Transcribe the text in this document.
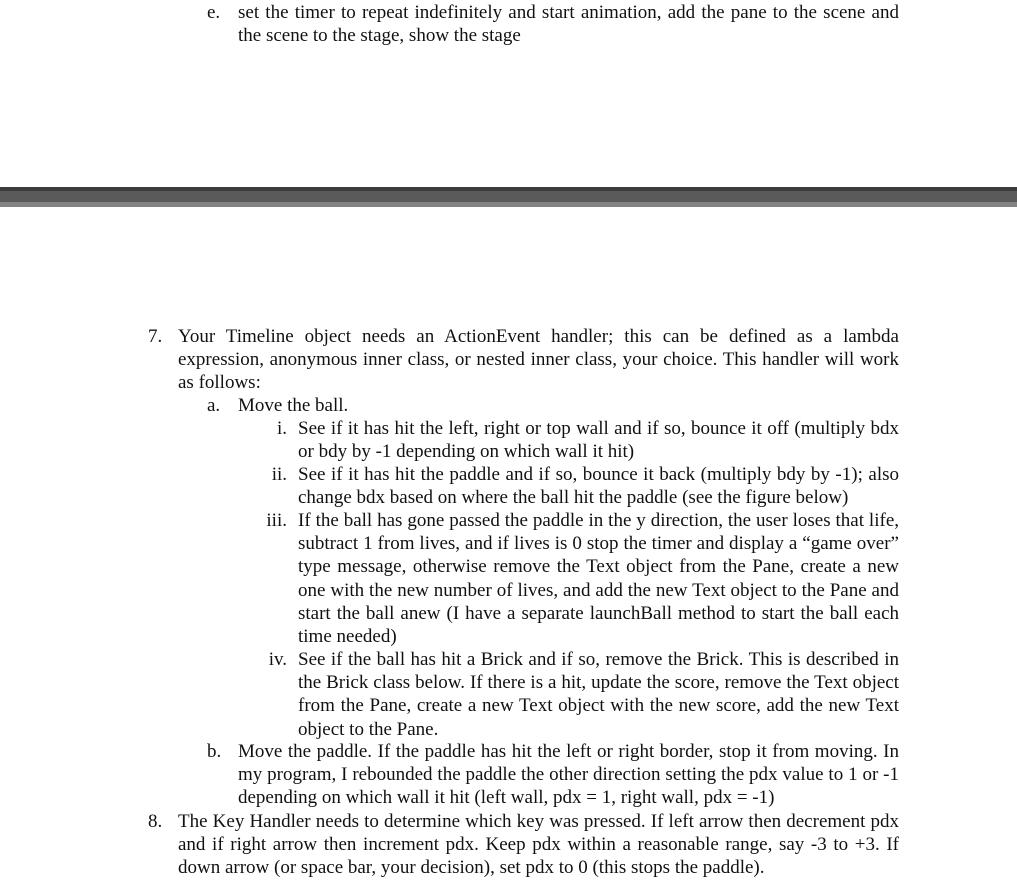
e. set the timer to repeat indefinitely and start animation, add the pane to the scene and the scene to the stage, show the stage
7. Your Timeline object needs an ActionEvent handler; this can be defined as a lambda expression, anonymous inner class, or nested inner class, your choice. This handler will work as follows:
a. Move the ball.
i. See if it has hit the left, right or top wall and if so, bounce it off (multiply bdx or bdy by -1 depending on which wall it hit)
ii. See if it has hit the paddle and if so, bounce it back (multiply bdy by -1); also change bdx based on where the ball hit the paddle (see the figure below)
iii. If the ball has gone passed the paddle in the y direction, the user loses that life, subtract 1 from lives, and if lives is 0 stop the timer and display a “game over” type message, otherwise remove the Text object from the Pane, create a new one with the new number of lives, and add the new Text object to the Pane and start the ball anew (I have a separate launchBall method to start the ball each time needed)
iv. See if the ball has hit a Brick and if so, remove the Brick. This is described in the Brick class below. If there is a hit, update the score, remove the Text object from the Pane, create a new Text object with the new score, add the new Text object to the Pane.
b. Move the paddle. If the paddle has hit the left or right border, stop it from moving. In my program, I rebounded the paddle the other direction setting the pdx value to 1 or -1 depending on which wall it hit (left wall, pdx = 1, right wall, pdx = -1)
8. The Key Handler needs to determine which key was pressed. If left arrow then decrement pdx and if right arrow then increment pdx. Keep pdx within a reasonable range, say -3 to +3. If down arrow (or space bar, your decision), set pdx to 0 (this stops the paddle).
